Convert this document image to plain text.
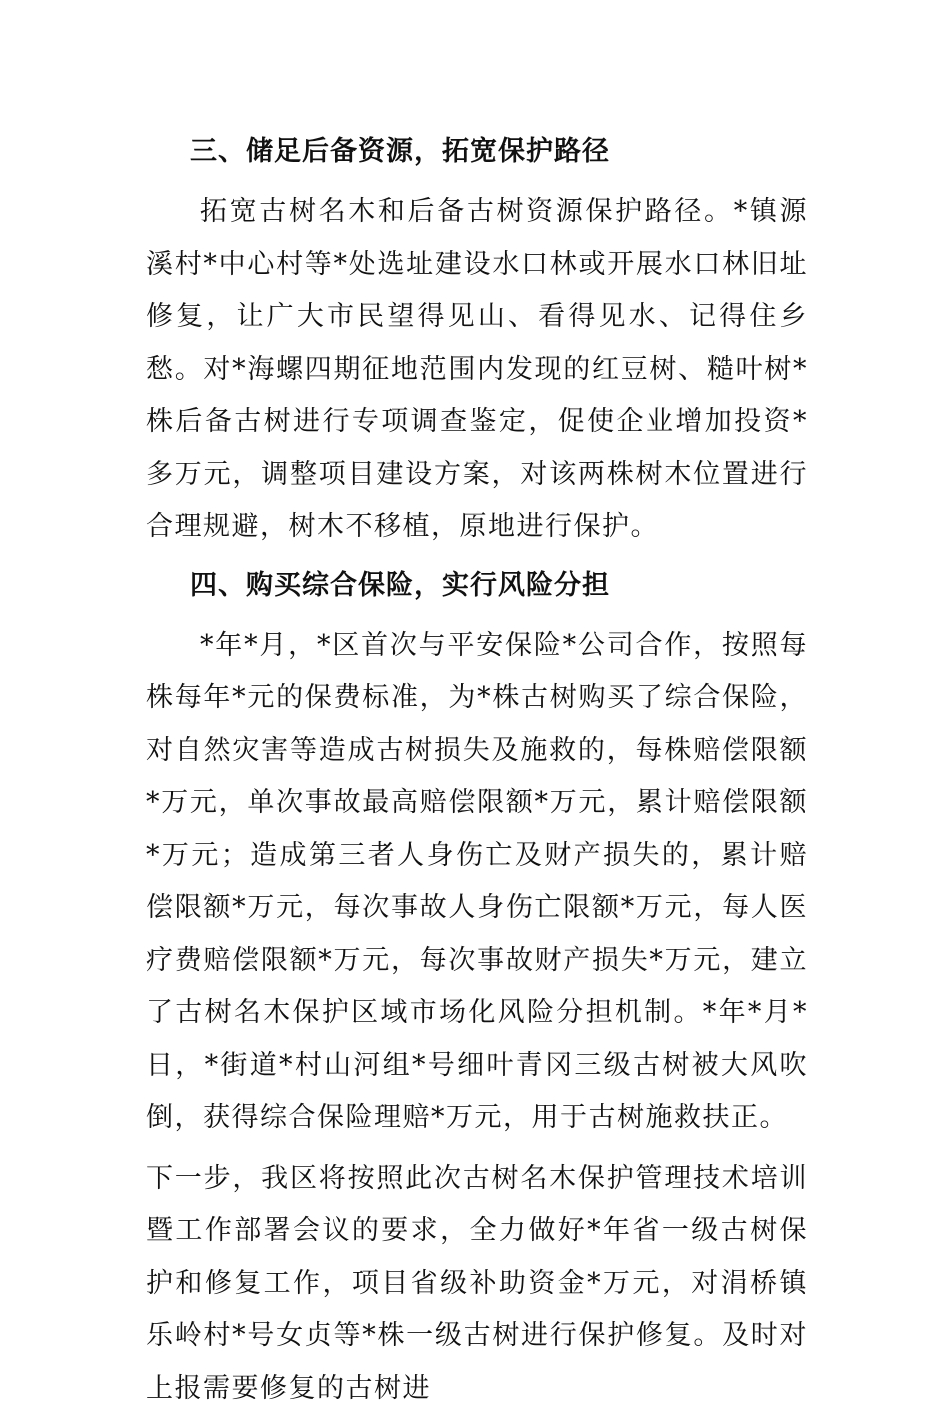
三、储足后备资源，拓宽保护路径

拓宽古树名木和后备古树资源保护路径。*镇源溪村*中心村等*处选址建设水口林或开展水口林旧址修复，让广大市民望得见山、看得见水、记得住乡愁。对*海螺四期征地范围内发现的红豆树、糙叶树*株后备古树进行专项调查鉴定，促使企业增加投资*多万元，调整项目建设方案，对该两株树木位置进行合理规避，树木不移植，原地进行保护。

四、购买综合保险，实行风险分担

*年*月，*区首次与平安保险*公司合作，按照每株每年*元的保费标准，为*株古树购买了综合保险，对自然灾害等造成古树损失及施救的，每株赔偿限额*万元，单次事故最高赔偿限额*万元，累计赔偿限额*万元；造成第三者人身伤亡及财产损失的，累计赔偿限额*万元，每次事故人身伤亡限额*万元，每人医疗费赔偿限额*万元，每次事故财产损失*万元，建立了古树名木保护区域市场化风险分担机制。*年*月*日，*街道*村山河组*号细叶青冈三级古树被大风吹倒，获得综合保险理赔*万元，用于古树施救扶正。

下一步，我区将按照此次古树名木保护管理技术培训暨工作部署会议的要求，全力做好*年省一级古树保护和修复工作，项目省级补助资金*万元，对涓桥镇乐岭村*号女贞等*株一级古树进行保护修复。及时对上报需要修复的古树进
